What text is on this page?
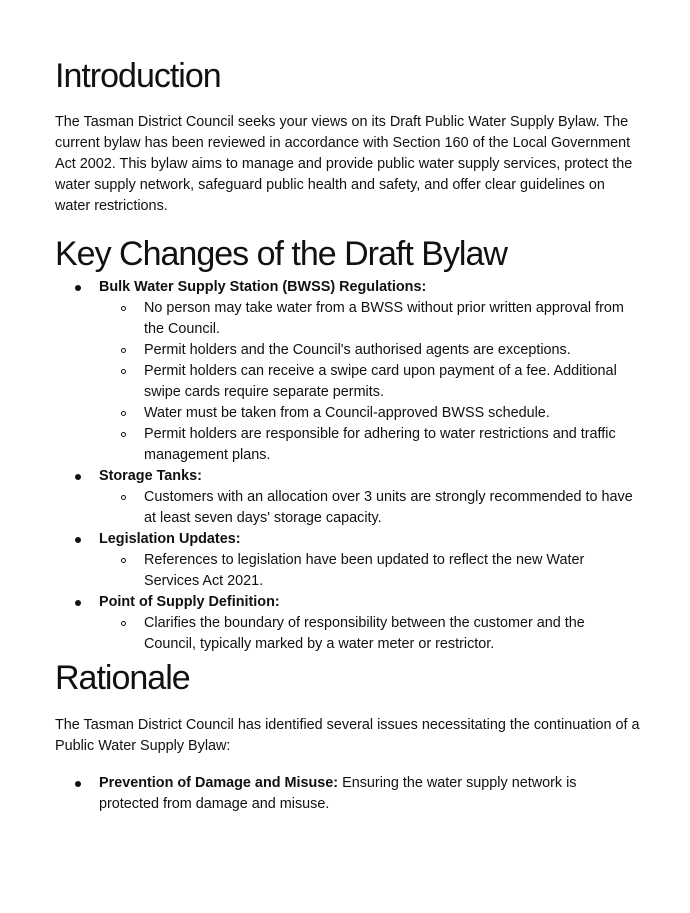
Introduction

The Tasman District Council seeks your views on its Draft Public Water Supply Bylaw. The current bylaw has been reviewed in accordance with Section 160 of the Local Government Act 2002. This bylaw aims to manage and provide public water supply services, protect the water supply network, safeguard public health and safety, and offer clear guidelines on water restrictions.

Key Changes of the Draft Bylaw
Bulk Water Supply Station (BWSS) Regulations:
No person may take water from a BWSS without prior written approval from the Council.
Permit holders and the Council's authorised agents are exceptions.
Permit holders can receive a swipe card upon payment of a fee. Additional swipe cards require separate permits.
Water must be taken from a Council-approved BWSS schedule.
Permit holders are responsible for adhering to water restrictions and traffic management plans.
Storage Tanks:
Customers with an allocation over 3 units are strongly recommended to have at least seven days' storage capacity.
Legislation Updates:
References to legislation have been updated to reflect the new Water Services Act 2021.
Point of Supply Definition:
Clarifies the boundary of responsibility between the customer and the Council, typically marked by a water meter or restrictor.
Rationale

The Tasman District Council has identified several issues necessitating the continuation of a Public Water Supply Bylaw:

Prevention of Damage and Misuse: Ensuring the water supply network is protected from damage and misuse.
